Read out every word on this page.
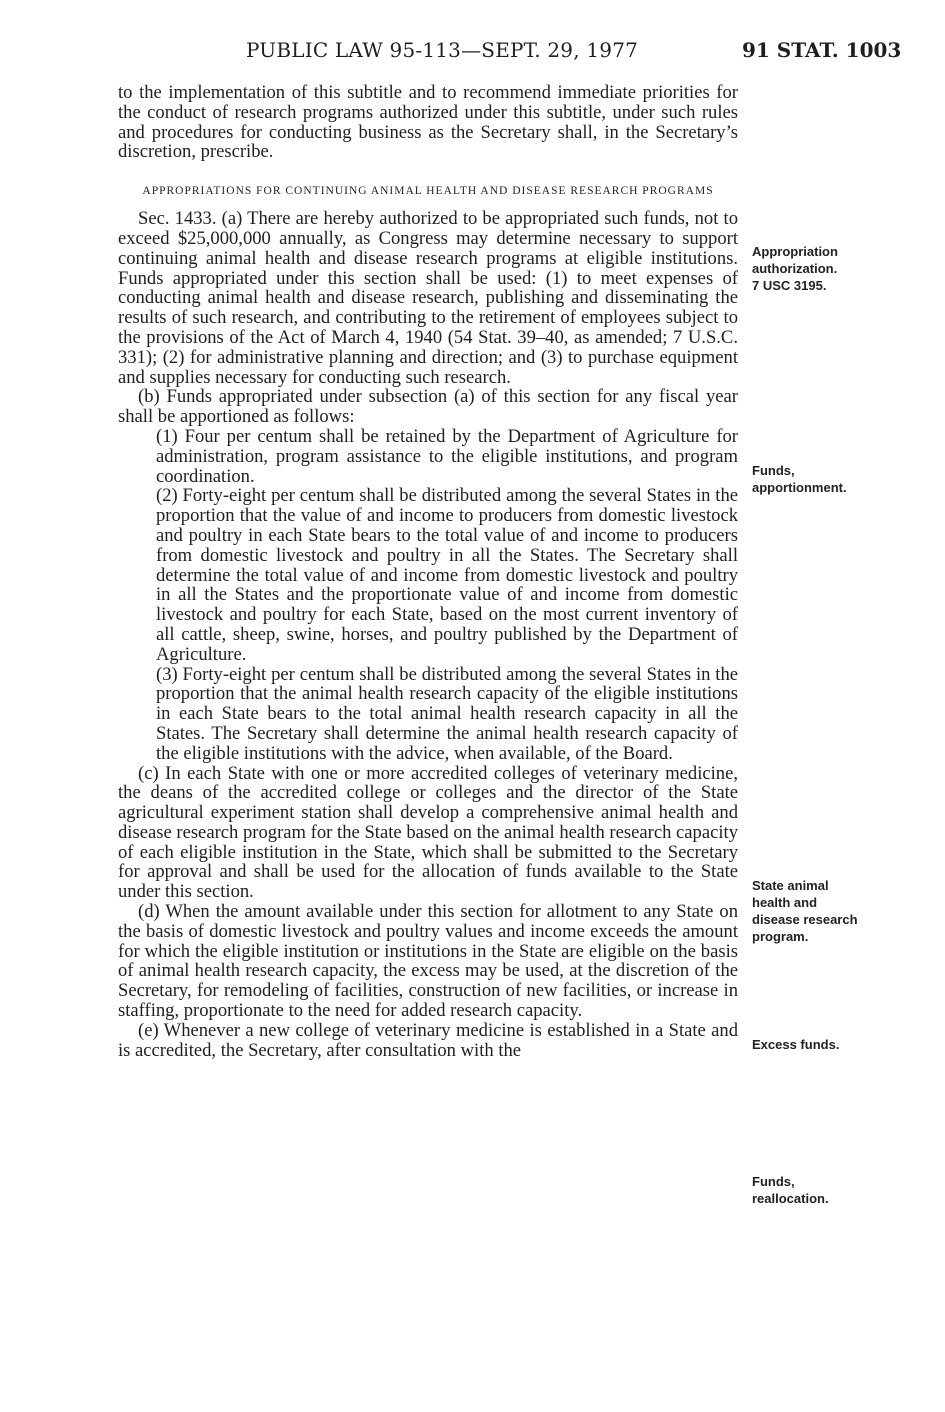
PUBLIC LAW 95-113—SEPT. 29, 1977	91 STAT. 1003

to the implementation of this subtitle and to recommend immediate priorities for the conduct of research programs authorized under this subtitle, under such rules and procedures for conducting business as the Secretary shall, in the Secretary’s discretion, prescribe.

APPROPRIATIONS FOR CONTINUING ANIMAL HEALTH AND DISEASE RESEARCH PROGRAMS

Sec. 1433. (a) There are hereby authorized to be appropriated such funds, not to exceed $25,000,000 annually, as Congress may determine necessary to support continuing animal health and disease research programs at eligible institutions. Funds appropriated under this section shall be used: (1) to meet expenses of conducting animal health and disease research, publishing and disseminating the results of such research, and contributing to the retirement of employees subject to the provisions of the Act of March 4, 1940 (54 Stat. 39–40, as amended; 7 U.S.C. 331); (2) for administrative planning and direction; and (3) to purchase equipment and supplies necessary for conducting such research.

(b) Funds appropriated under subsection (a) of this section for any fiscal year shall be apportioned as follows:

(1) Four per centum shall be retained by the Department of Agriculture for administration, program assistance to the eligible institutions, and program coordination.

(2) Forty-eight per centum shall be distributed among the several States in the proportion that the value of and income to producers from domestic livestock and poultry in each State bears to the total value of and income to producers from domestic livestock and poultry in all the States. The Secretary shall determine the total value of and income from domestic livestock and poultry in all the States and the proportionate value of and income from domestic livestock and poultry for each State, based on the most current inventory of all cattle, sheep, swine, horses, and poultry published by the Department of Agriculture.

(3) Forty-eight per centum shall be distributed among the several States in the proportion that the animal health research capacity of the eligible institutions in each State bears to the total animal health research capacity in all the States. The Secretary shall determine the animal health research capacity of the eligible institutions with the advice, when available, of the Board.

(c) In each State with one or more accredited colleges of veterinary medicine, the deans of the accredited college or colleges and the director of the State agricultural experiment station shall develop a comprehensive animal health and disease research program for the State based on the animal health research capacity of each eligible institution in the State, which shall be submitted to the Secretary for approval and shall be used for the allocation of funds available to the State under this section.

(d) When the amount available under this section for allotment to any State on the basis of domestic livestock and poultry values and income exceeds the amount for which the eligible institution or institutions in the State are eligible on the basis of animal health research capacity, the excess may be used, at the discretion of the Secretary, for remodeling of facilities, construction of new facilities, or increase in staffing, proportionate to the need for added research capacity.

(e) Whenever a new college of veterinary medicine is established in a State and is accredited, the Secretary, after consultation with the

Appropriation
authorization.
7 USC 3195.
Funds,
apportionment.
State animal
health and
disease research
program.
Excess funds.
Funds,
reallocation.
